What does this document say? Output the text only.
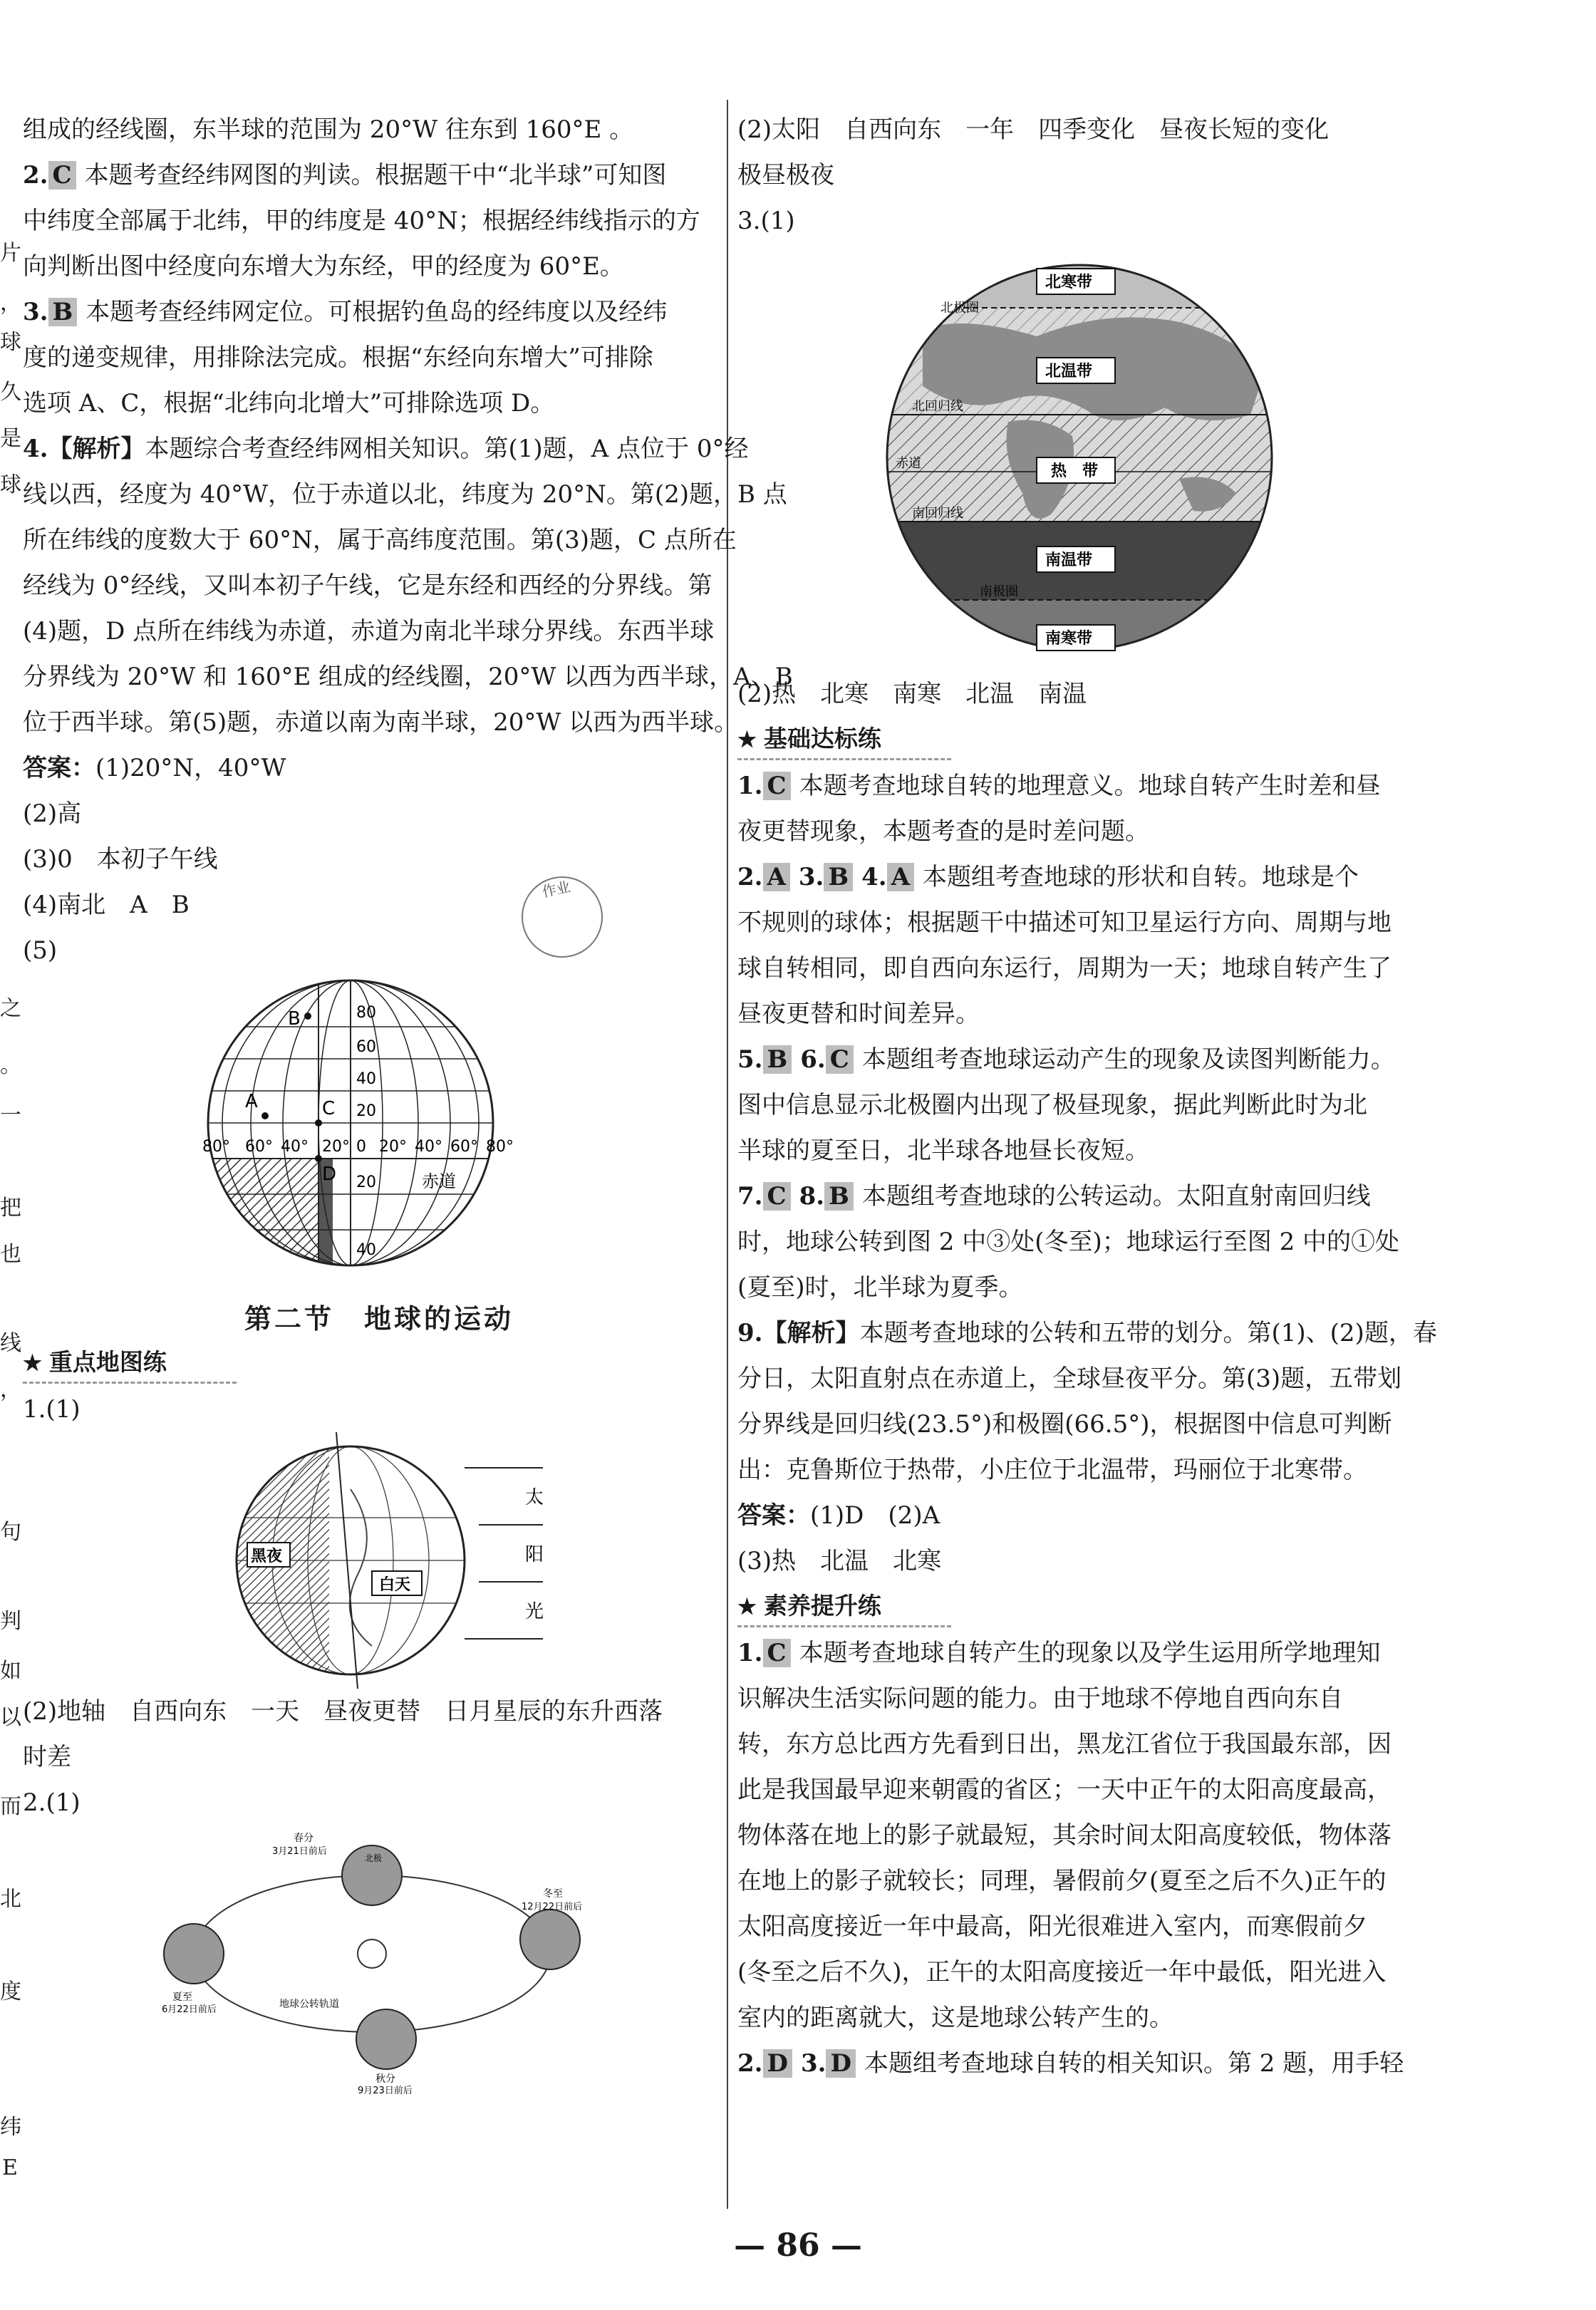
片
，
球
久
是
球
之
。
一
把
也
线
，
句
判
如
以
而
北
度
纬
E

组成的经线圈，东半球的范围为 20°W 往东到 160°E 。

2. C 本题考查经纬网图的判读。根据题干中“北半球”可知图

中纬度全部属于北纬，甲的纬度是 40°N；根据经纬线指示的方

向判断出图中经度向东增大为东经，甲的经度为 60°E。

3. B 本题考查经纬网定位。可根据钓鱼岛的经纬度以及经纬

度的递变规律，用排除法完成。根据“东经向东增大”可排除

选项 A、C，根据“北纬向北增大”可排除选项 D。

4.【解析】本题综合考查经纬网相关知识。第(1)题，A 点位于 0°经

线以西，经度为 40°W，位于赤道以北，纬度为 20°N。第(2)题，B 点

所在纬线的度数大于 60°N，属于高纬度范围。第(3)题，C 点所在

经线为 0°经线，又叫本初子午线，它是东经和西经的分界线。第

(4)题，D 点所在纬线为赤道，赤道为南北半球分界线。东西半球

分界线为 20°W 和 160°E 组成的经线圈，20°W 以西为西半球，A、B

位于西半球。第(5)题，赤道以南为南半球，20°W 以西为西半球。

答案：(1)20°N，40°W

(2)高

(3)0　本初子午线

(4)南北　A　B

(5)

作业
B
A	C
D
80
60
40
20
0
20
40
80° 60° 40° 20° 20° 40° 60° 80°
赤道
第二节　地球的运动
★ 重点地图练

1.(1)

黑夜
白天
太
阳
光

(2)地轴　自西向东　一天　昼夜更替　日月星辰的东升西落

时差

2.(1)

春分
3月21日前后
北极
冬至
12月22日前后
夏至
6月22日前后
秋分
9月23日前后
地球公转轨道

(2)太阳　自西向东　一年　四季变化　昼夜长短的变化

极昼极夜

3.(1)

北寒带
北温带
热　带
南温带
南寒带
北极圈
北回归线
赤道
南回归线
南极圈

(2)热　北寒　南寒　北温　南温

★ 基础达标练

1. C 本题考查地球自转的地理意义。地球自转产生时差和昼

夜更替现象，本题考查的是时差问题。

2. A 3. B 4. A 本题组考查地球的形状和自转。地球是个

不规则的球体；根据题干中描述可知卫星运行方向、周期与地

球自转相同，即自西向东运行，周期为一天；地球自转产生了

昼夜更替和时间差异。

5. B 6. C 本题组考查地球运动产生的现象及读图判断能力。

图中信息显示北极圈内出现了极昼现象，据此判断此时为北

半球的夏至日，北半球各地昼长夜短。

7. C 8. B 本题组考查地球的公转运动。太阳直射南回归线

时，地球公转到图 2 中③处(冬至)；地球运行至图 2 中的①处

(夏至)时，北半球为夏季。

9.【解析】本题考查地球的公转和五带的划分。第(1)、(2)题，春

分日，太阳直射点在赤道上，全球昼夜平分。第(3)题，五带划

分界线是回归线(23.5°)和极圈(66.5°)，根据图中信息可判断

出：克鲁斯位于热带，小庄位于北温带，玛丽位于北寒带。

答案：(1)D　(2)A

(3)热　北温　北寒

★ 素养提升练

1. C 本题考查地球自转产生的现象以及学生运用所学地理知

识解决生活实际问题的能力。由于地球不停地自西向东自

转，东方总比西方先看到日出，黑龙江省位于我国最东部，因

此是我国最早迎来朝霞的省区；一天中正午的太阳高度最高，

物体落在地上的影子就最短，其余时间太阳高度较低，物体落

在地上的影子就较长；同理，暑假前夕(夏至之后不久)正午的

太阳高度接近一年中最高，阳光很难进入室内，而寒假前夕

(冬至之后不久)，正午的太阳高度接近一年中最低，阳光进入

室内的距离就大，这是地球公转产生的。

2. D 3. D 本题组考查地球自转的相关知识。第 2 题，用手轻

— 86 —
